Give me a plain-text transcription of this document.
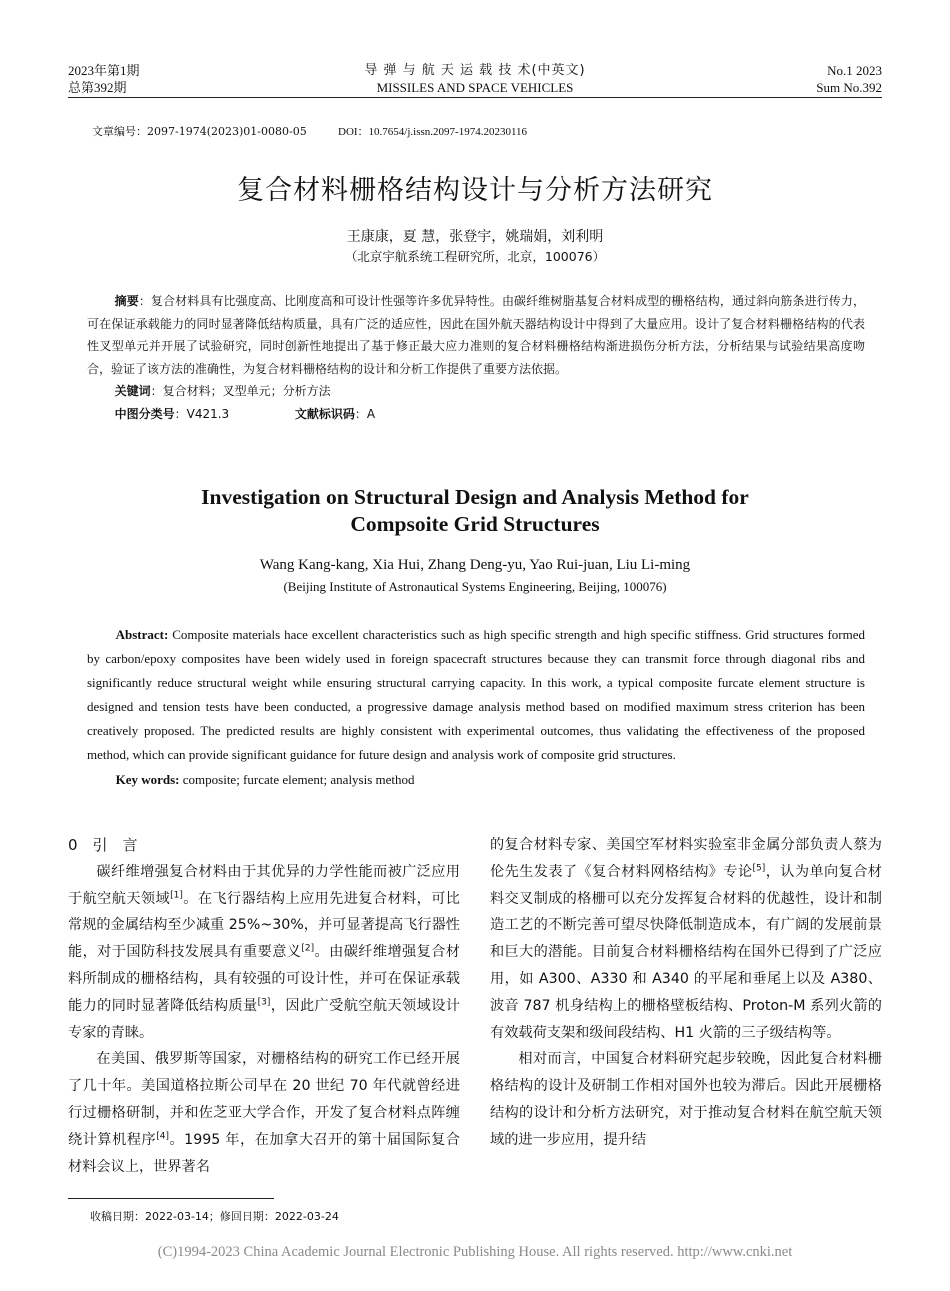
2023年第1期
总第392期
导 弹 与 航 天 运 载 技 术(中英文)
MISSILES AND SPACE VEHICLES
No.1 2023
Sum No.392
文章编号：2097-1974(2023)01-0080-05	DOI：10.7654/j.issn.2097-1974.20230116
复合材料栅格结构设计与分析方法研究
王康康，夏 慧，张登宇，姚瑞娟，刘利明
（北京宇航系统工程研究所，北京，100076）
摘要：复合材料具有比强度高、比刚度高和可设计性强等许多优异特性。由碳纤维树脂基复合材料成型的栅格结构，通过斜向筋条进行传力，可在保证承载能力的同时显著降低结构质量，具有广泛的适应性，因此在国外航天器结构设计中得到了大量应用。设计了复合材料栅格结构的代表性叉型单元并开展了试验研究，同时创新性地提出了基于修正最大应力准则的复合材料栅格结构渐进损伤分析方法，分析结果与试验结果高度吻合，验证了该方法的准确性，为复合材料栅格结构的设计和分析工作提供了重要方法依据。
关键词：复合材料；叉型单元；分析方法
中图分类号：V421.3	文献标识码：A
Investigation on Structural Design and Analysis Method for
Compsoite Grid Structures
Wang Kang-kang, Xia Hui, Zhang Deng-yu, Yao Rui-juan, Liu Li-ming
(Beijing Institute of Astronautical Systems Engineering, Beijing, 100076)
Abstract: Composite materials hace excellent characteristics such as high specific strength and high specific stiffness. Grid structures formed by carbon/epoxy composites have been widely used in foreign spacecraft structures because they can transmit force through diagonal ribs and significantly reduce structural weight while ensuring structural carrying capacity. In this work, a typical composite furcate element structure is designed and tension tests have been conducted, a progressive damage analysis method based on modified maximum stress criterion has been creatively proposed. The predicted results are highly consistent with experimental outcomes, thus validating the effectiveness of the proposed method, which can provide significant guidance for future design and analysis work of composite grid structures.
Key words: composite; furcate element; analysis method
0　引　言

碳纤维增强复合材料由于其优异的力学性能而被广泛应用于航空航天领域[1]。在飞行器结构上应用先进复合材料，可比常规的金属结构至少减重 25%~30%，并可显著提高飞行器性能，对于国防科技发展具有重要意义[2]。由碳纤维增强复合材料所制成的栅格结构，具有较强的可设计性，并可在保证承载能力的同时显著降低结构质量[3]，因此广受航空航天领域设计专家的青睐。

在美国、俄罗斯等国家，对栅格结构的研究工作已经开展了几十年。美国道格拉斯公司早在 20 世纪 70 年代就曾经进行过栅格研制，并和佐芝亚大学合作，开发了复合材料点阵缠绕计算机程序[4]。1995 年，在加拿大召开的第十届国际复合材料会议上，世界著名

的复合材料专家、美国空军材料实验室非金属分部负责人蔡为伦先生发表了《复合材料网格结构》专论[5]，认为单向复合材料交叉制成的格栅可以充分发挥复合材料的优越性，设计和制造工艺的不断完善可望尽快降低制造成本，有广阔的发展前景和巨大的潜能。目前复合材料栅格结构在国外已得到了广泛应用，如 A300、A330 和 A340 的平尾和垂尾上以及 A380、波音 787 机身结构上的栅格壁板结构、Proton-M 系列火箭的有效载荷支架和级间段结构、H1 火箭的三子级结构等。

相对而言，中国复合材料研究起步较晚，因此复合材料栅格结构的设计及研制工作相对国外也较为滞后。因此开展栅格结构的设计和分析方法研究，对于推动复合材料在航空航天领域的进一步应用，提升结

收稿日期：2022-03-14；修回日期：2022-03-24
(C)1994-2023 China Academic Journal Electronic Publishing House. All rights reserved. http://www.cnki.net
